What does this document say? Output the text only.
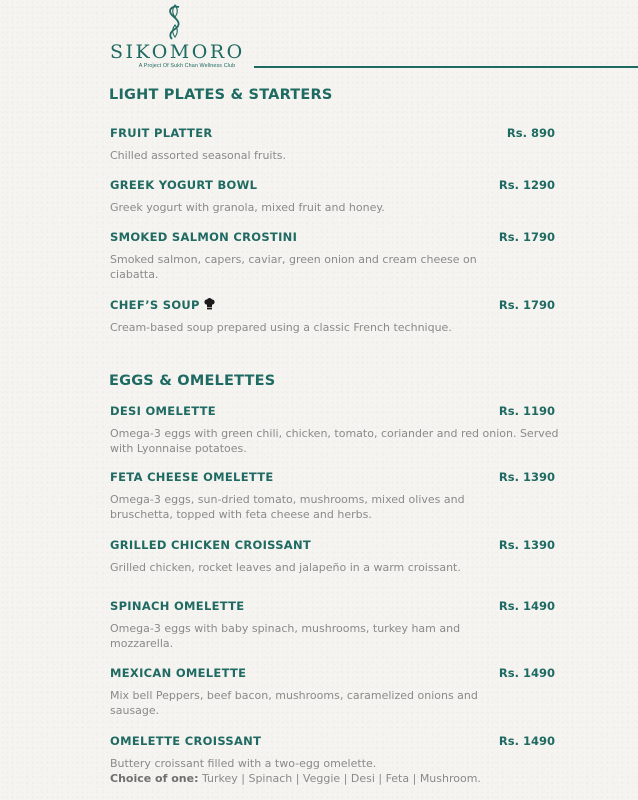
SIKOMORO
A Project Of Sukh Chan Wellness Club
LIGHT PLATES & STARTERS
FRUIT PLATTER	Rs. 890
Chilled assorted seasonal fruits.
GREEK YOGURT BOWL	Rs. 1290
Greek yogurt with granola, mixed fruit and honey.
SMOKED SALMON CROSTINI	Rs. 1790
Smoked salmon, capers, caviar, green onion and cream cheese on ciabatta.
CHEF’S SOUP	Rs. 1790
Cream-based soup prepared using a classic French technique.
EGGS & OMELETTES
DESI OMELETTE	Rs. 1190
Omega-3 eggs with green chili, chicken, tomato, coriander and red onion. Served with Lyonnaise potatoes.
FETA CHEESE OMELETTE	Rs. 1390
Omega-3 eggs, sun-dried tomato, mushrooms, mixed olives and bruschetta, topped with feta cheese and herbs.
GRILLED CHICKEN CROISSANT	Rs. 1390
Grilled chicken, rocket leaves and jalapeño in a warm croissant.
SPINACH OMELETTE	Rs. 1490
Omega-3 eggs with baby spinach, mushrooms, turkey ham and mozzarella.
MEXICAN OMELETTE	Rs. 1490
Mix bell Peppers, beef bacon, mushrooms, caramelized onions and sausage.
OMELETTE CROISSANT	Rs. 1490
Buttery croissant filled with a two-egg omelette.
Choice of one: Turkey | Spinach | Veggie | Desi | Feta | Mushroom.
